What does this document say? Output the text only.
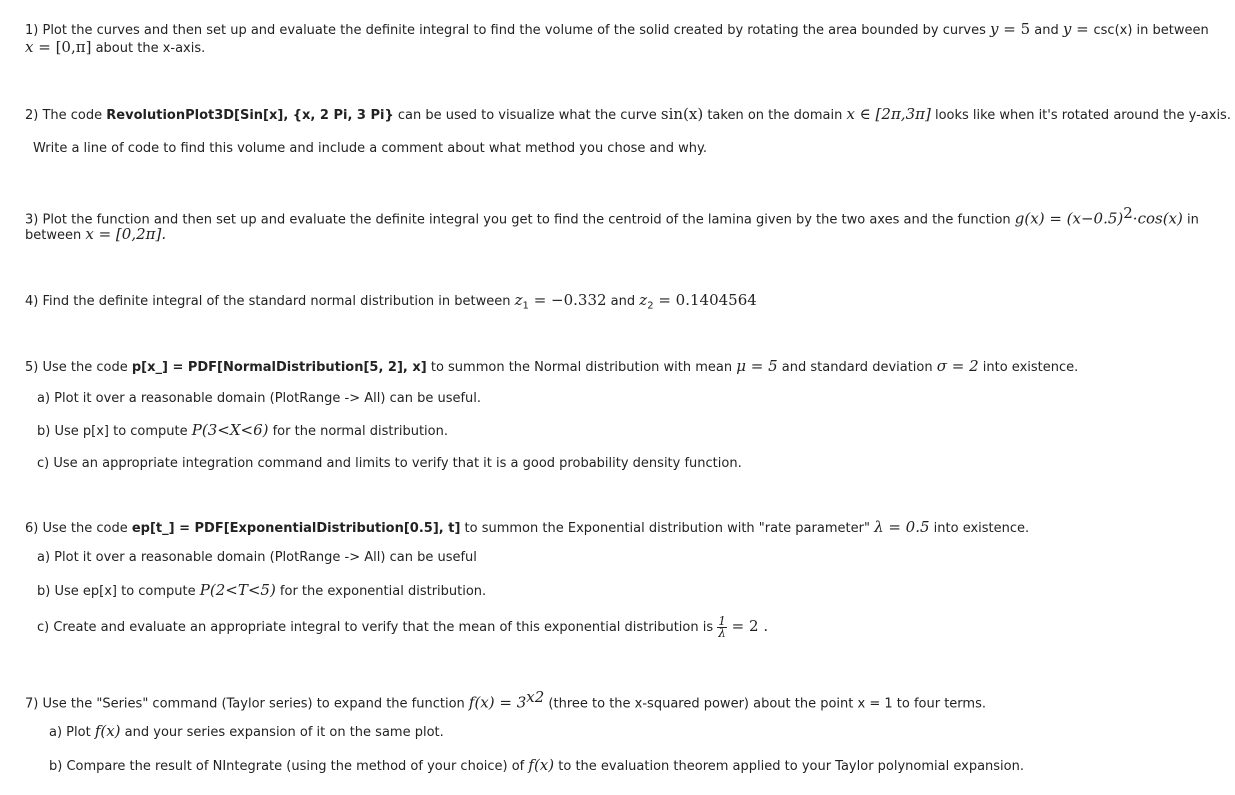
1) Plot the curves and then set up and evaluate the definite integral to find the volume of the solid created by rotating the area bounded by curves y = 5 and y = csc(x) in between
x = [0,π] about the x-axis.
2) The code RevolutionPlot3D[Sin[x], {x, 2 Pi, 3 Pi} can be used to visualize what the curve sin(x) taken on the domain x ∈ [2π,3π] looks like when it's rotated around the y-axis.
Write a line of code to find this volume and include a comment about what method you chose and why.
3) Plot the function and then set up and evaluate the definite integral you get to find the centroid of the lamina given by the two axes and the function $g(x) = (x-0.5)^2\cdot\cos(x)$ in
between x = [0,2π].
4) Find the definite integral of the standard normal distribution in between $z_1 = -0.332$ and $z_2 = 0.1404564$
5) Use the code p[x_] = PDF[NormalDistribution[5, 2], x] to summon the Normal distribution with mean μ = 5 and standard deviation σ = 2 into existence.
a) Plot it over a reasonable domain (PlotRange -> All) can be useful.
b) Use p[x] to compute P(3<X<6) for the normal distribution.
c) Use an appropriate integration command and limits to verify that it is a good probability density function.
6) Use the code ep[t_] = PDF[ExponentialDistribution[0.5], t] to summon the Exponential distribution with "rate parameter" λ = 0.5 into existence.
a) Plot it over a reasonable domain (PlotRange -> All) can be useful
b) Use ep[x] to compute P(2<T<5) for the exponential distribution.
c) Create and evaluate an appropriate integral to verify that the mean of this exponential distribution is $\frac{1}{\lambda} = 2$ .
7) Use the "Series" command (Taylor series) to expand the function $f(x) = 3^{x2}$ (three to the x-squared power) about the point x = 1 to four terms.
a) Plot f(x) and your series expansion of it on the same plot.
b) Compare the result of NIntegrate (using the method of your choice) of f(x) to the evaluation theorem applied to your Taylor polynomial expansion.
